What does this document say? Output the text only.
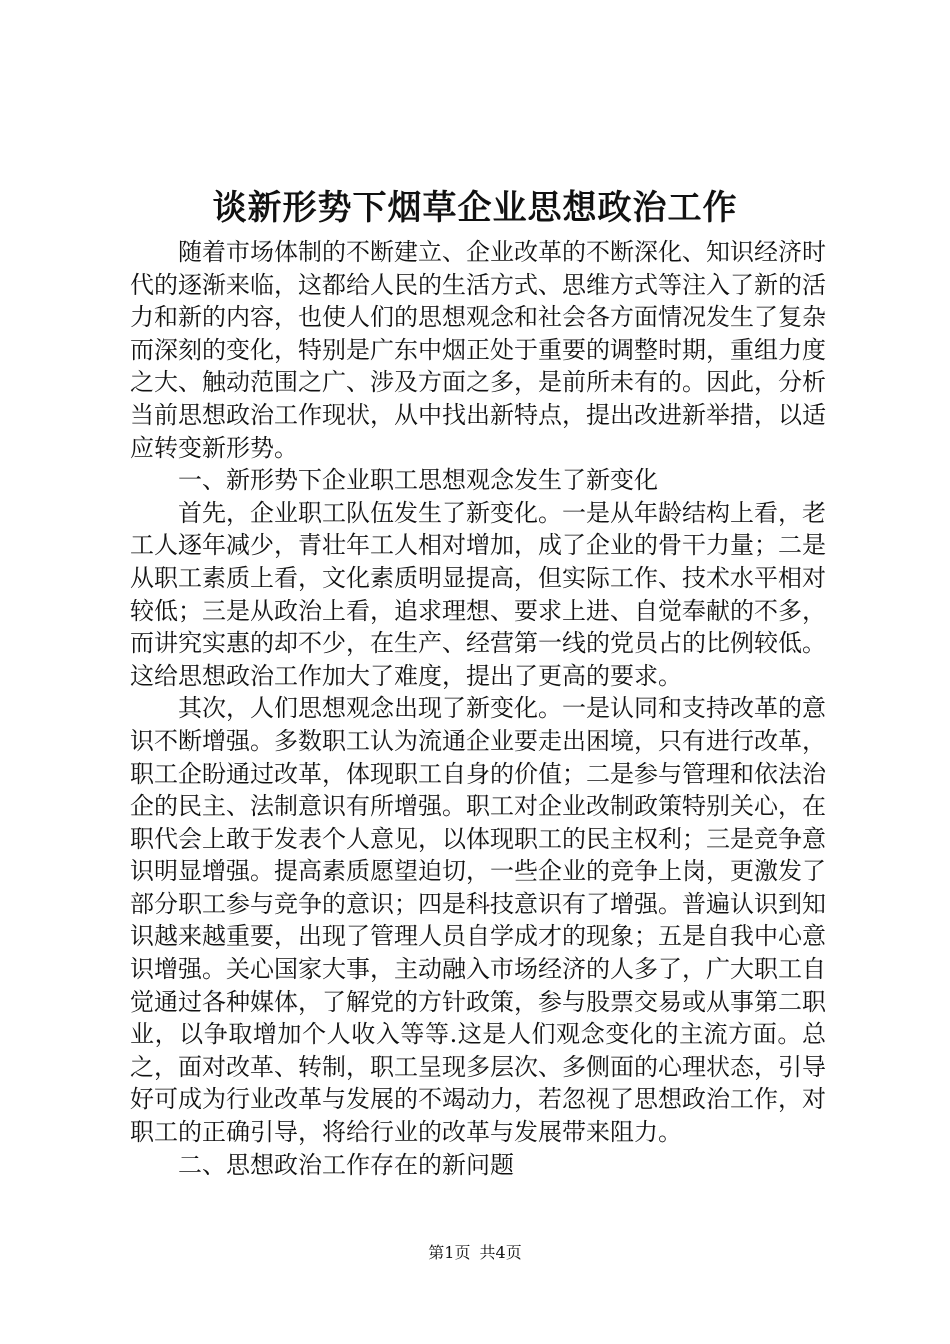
谈新形势下烟草企业思想政治工作

随着市场体制的不断建立、企业改革的不断深化、知识经济时代的逐渐来临，这都给人民的生活方式、思维方式等注入了新的活力和新的内容，也使人们的思想观念和社会各方面情况发生了复杂而深刻的变化，特别是广东中烟正处于重要的调整时期，重组力度之大、触动范围之广、涉及方面之多，是前所未有的。因此，分析当前思想政治工作现状，从中找出新特点，提出改进新举措，以适应转变新形势。

一、新形势下企业职工思想观念发生了新变化

首先，企业职工队伍发生了新变化。一是从年龄结构上看，老工人逐年减少，青壮年工人相对增加，成了企业的骨干力量；二是从职工素质上看，文化素质明显提高，但实际工作、技术水平相对较低；三是从政治上看，追求理想、要求上进、自觉奉献的不多，而讲究实惠的却不少，在生产、经营第一线的党员占的比例较低。这给思想政治工作加大了难度，提出了更高的要求。

其次，人们思想观念出现了新变化。一是认同和支持改革的意识不断增强。多数职工认为流通企业要走出困境，只有进行改革，职工企盼通过改革，体现职工自身的价值；二是参与管理和依法治企的民主、法制意识有所增强。职工对企业改制政策特别关心，在职代会上敢于发表个人意见，以体现职工的民主权利；三是竞争意识明显增强。提高素质愿望迫切，一些企业的竞争上岗，更激发了部分职工参与竞争的意识；四是科技意识有了增强。普遍认识到知识越来越重要，出现了管理人员自学成才的现象；五是自我中心意识增强。关心国家大事，主动融入市场经济的人多了，广大职工自觉通过各种媒体，了解党的方针政策，参与股票交易或从事第二职业，以争取增加个人收入等等.这是人们观念变化的主流方面。总之，面对改革、转制，职工呈现多层次、多侧面的心理状态，引导好可成为行业改革与发展的不竭动力，若忽视了思想政治工作，对职工的正确引导，将给行业的改革与发展带来阻力。

二、思想政治工作存在的新问题

第1页 共4页
